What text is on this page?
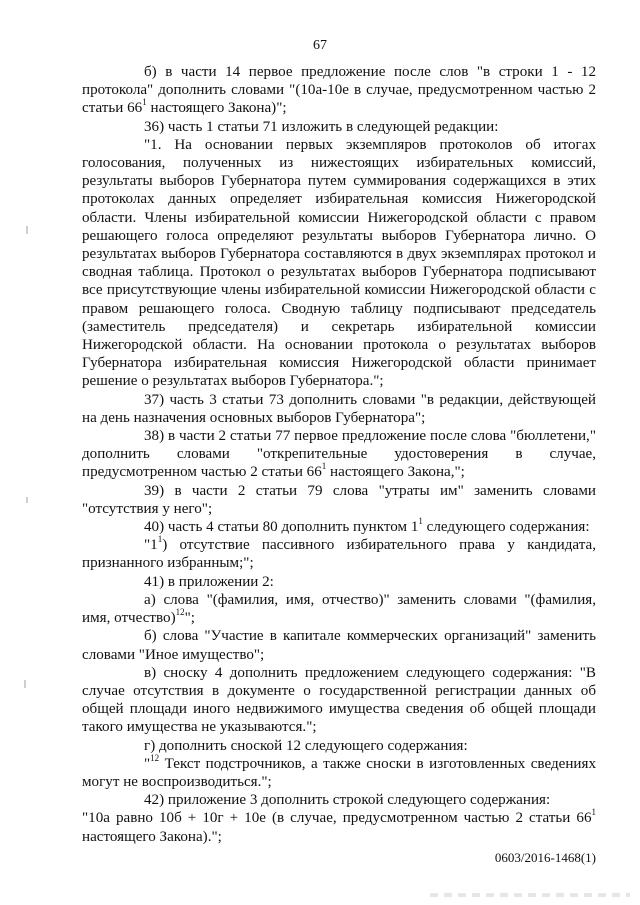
67

б) в части 14 первое предложение после слов "в строки 1 - 12 протокола" дополнить словами "(10а-10е в случае, предусмотренном частью 2 статьи $66^1$ настоящего Закона)";

36) часть 1 статьи 71 изложить в следующей редакции:

"1. На основании первых экземпляров протоколов об итогах голосования, полученных из нижестоящих избирательных комиссий, результаты выборов Губернатора путем суммирования содержащихся в этих протоколах данных определяет избирательная комиссия Нижегородской области. Члены избирательной комиссии Нижегородской области с правом решающего голоса определяют результаты выборов Губернатора лично. О результатах выборов Губернатора составляются в двух экземплярах протокол и сводная таблица. Протокол о результатах выборов Губернатора подписывают все присутствующие члены избирательной комиссии Нижегородской области с правом решающего голоса. Сводную таблицу подписывают председатель (заместитель председателя) и секретарь избирательной комиссии Нижегородской области. На основании протокола о результатах выборов Губернатора избирательная комиссия Нижегородской области принимает решение о результатах выборов Губернатора.";

37) часть 3 статьи 73 дополнить словами "в редакции, действующей на день назначения основных выборов Губернатора";

38) в части 2 статьи 77 первое предложение после слова "бюллетени," дополнить словами "открепительные удостоверения в случае, предусмотренном частью 2 статьи $66^1$ настоящего Закона,";

39) в части 2 статьи 79 слова "утраты им" заменить словами "отсутствия у него";

40) часть 4 статьи 80 дополнить пунктом $1^1$ следующего содержания:

"$1^1$) отсутствие пассивного избирательного права у кандидата, признанного избранным;";

41) в приложении 2:

а) слова "(фамилия, имя, отчество)" заменить словами "(фамилия, имя, отчество)$^{12}$";

б) слова "Участие в капитале коммерческих организаций" заменить словами "Иное имущество";

в) сноску 4 дополнить предложением следующего содержания: "В случае отсутствия в документе о государственной регистрации данных об общей площади иного недвижимого имущества сведения об общей площади такого имущества не указываются.";

г) дополнить сноской 12 следующего содержания:

"$^{12}$ Текст подстрочников, а также сноски в изготовленных сведениях могут не воспроизводиться.";

42) приложение 3 дополнить строкой следующего содержания:

"10а равно 10б + 10г + 10е (в случае, предусмотренном частью 2 статьи $66^1$ настоящего Закона).";

0603/2016-1468(1)
